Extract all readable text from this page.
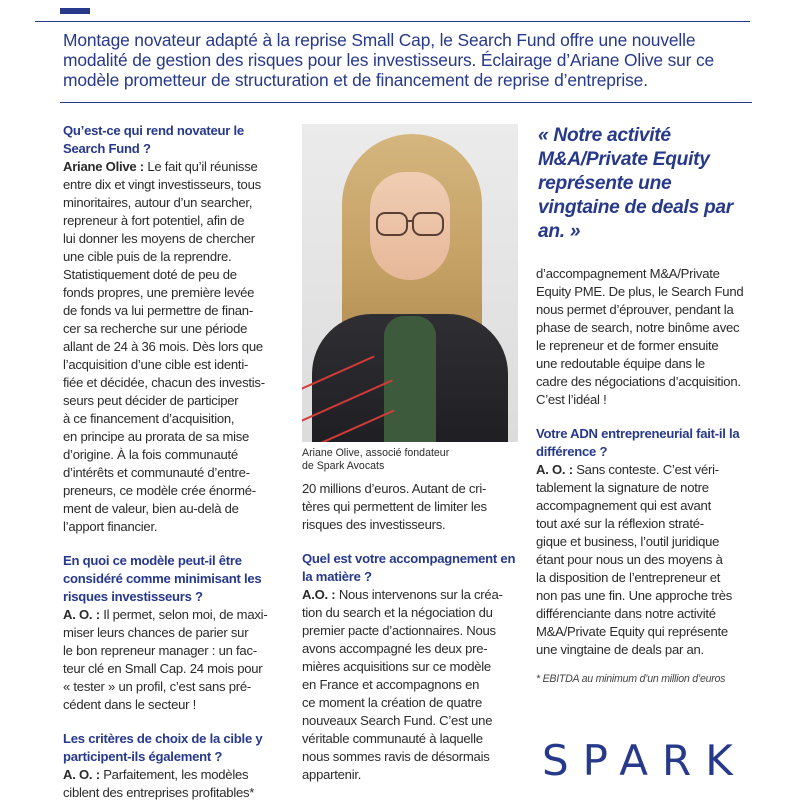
Montage novateur adapté à la reprise Small Cap, le Search Fund offre une nouvelle modalité de gestion des risques pour les investisseurs. Éclairage d’Ariane Olive sur ce modèle prometteur de structuration et de financement de reprise d’entreprise.

Qu’est-ce qui rend novateur le Search Fund ?

Ariane Olive : Le fait qu’il réunisse
entre dix et vingt investisseurs, tous
minoritaires, autour d’un searcher,
repreneur à fort potentiel, afin de
lui donner les moyens de chercher
une cible puis de la reprendre.
Statistiquement doté de peu de
fonds propres, une première levée
de fonds va lui permettre de finan-
cer sa recherche sur une période
allant de 24 à 36 mois. Dès lors que
l’acquisition d’une cible est identi-
fiée et décidée, chacun des investis-
seurs peut décider de participer
à ce financement d’acquisition,
en principe au prorata de sa mise
d’origine. À la fois communauté
d’intérêts et communauté d’entre-
preneurs, ce modèle crée énormé-
ment de valeur, bien au-delà de
l’apport financier.

En quoi ce modèle peut-il être considéré comme minimisant les risques investisseurs ?

A. O. : Il permet, selon moi, de maxi-
miser leurs chances de parier sur
le bon repreneur manager : un fac-
teur clé en Small Cap. 24 mois pour
« tester » un profil, c’est sans pré-
cédent dans le secteur !

Les critères de choix de la cible y participent-ils également ?

A. O. : Parfaitement, les modèles
ciblent des entreprises profitables*

Ariane Olive, associé fondateur

de Spark Avocats

20 millions d’euros. Autant de cri-
tères qui permettent de limiter les
risques des investisseurs.

Quel est votre accompagnement en la matière ?

A.O. : Nous intervenons sur la créa-
tion du search et la négociation du
premier pacte d’actionnaires. Nous
avons accompagné les deux pre-
mières acquisitions sur ce modèle
en France et accompagnons en
ce moment la création de quatre
nouveaux Search Fund. C’est une
véritable communauté à laquelle
nous sommes ravis de désormais
appartenir.

« Notre activité M&A/Private Equity représente une vingtaine de deals par an. »

d’accompagnement M&A/Private
Equity PME. De plus, le Search Fund
nous permet d’éprouver, pendant la
phase de search, notre binôme avec
le repreneur et de former ensuite
une redoutable équipe dans le
cadre des négociations d’acquisition.
C’est l’idéal !

Votre ADN entrepreneurial fait-il la différence ?

A. O. : Sans conteste. C’est véri-
tablement la signature de notre
accompagnement qui est avant
tout axé sur la réflexion straté-
gique et business, l’outil juridique
étant pour nous un des moyens à
la disposition de l’entrepreneur et
non pas une fin. Une approche très
différenciante dans notre activité
M&A/Private Equity qui représente
une vingtaine de deals par an.

* EBITDA au minimum d’un million d’euros

SPARK
